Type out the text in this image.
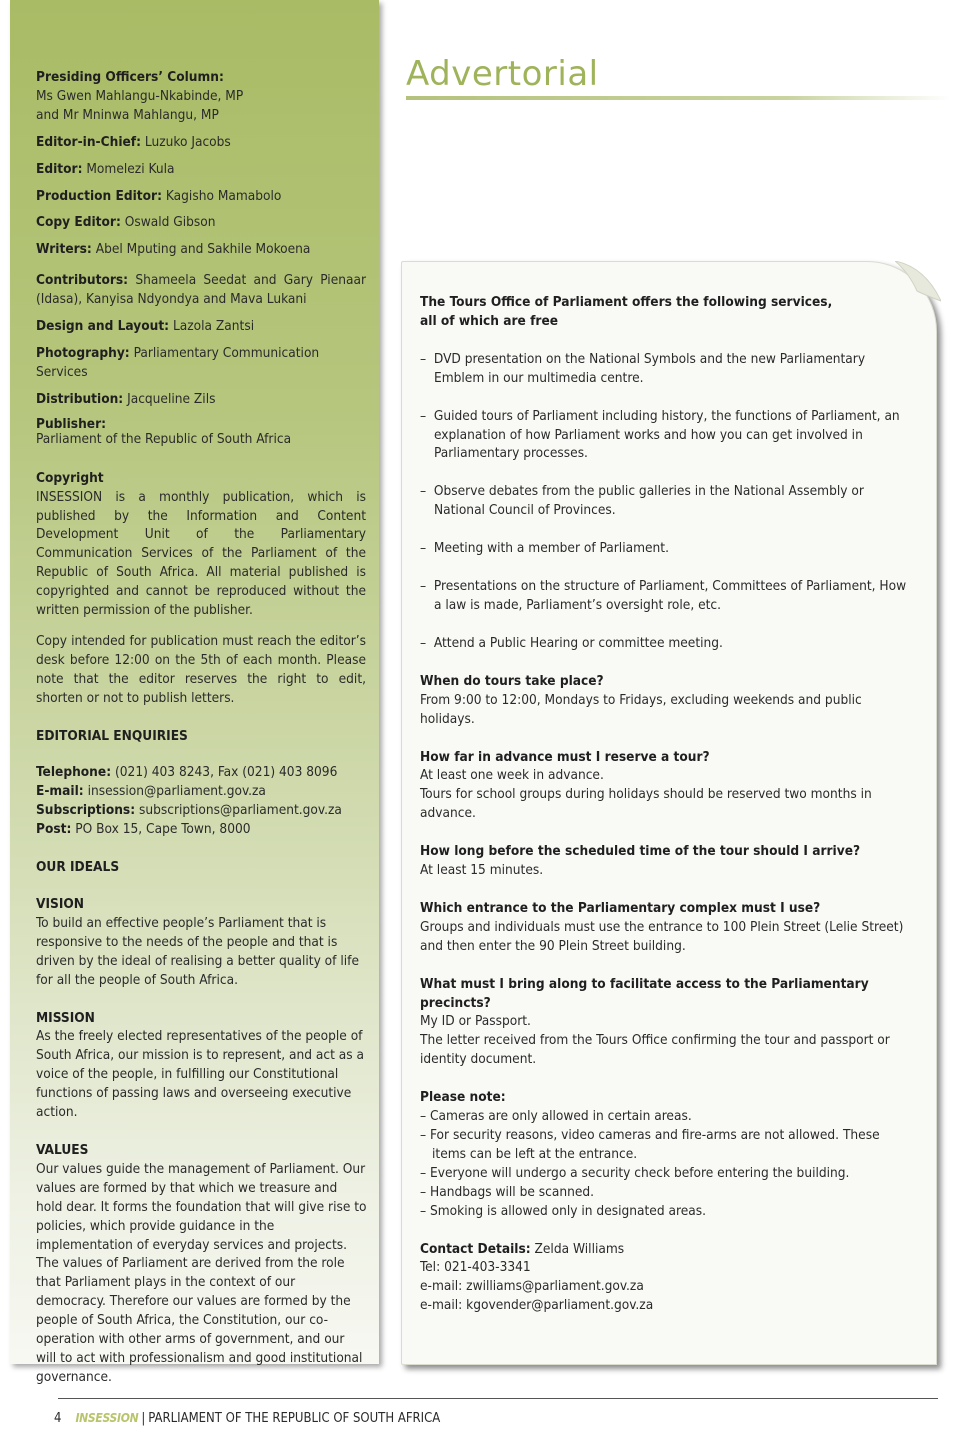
Presiding Officers’ Column:
Ms Gwen Mahlangu-Nkabinde, MP
and Mr Mninwa Mahlangu, MP

Editor-in-Chief: Luzuko Jacobs

Editor: Momelezi Kula

Production Editor: Kagisho Mamabolo

Copy Editor: Oswald Gibson

Writers: Abel Mputing and Sakhile Mokoena

Contributors: Shameela Seedat and Gary Pienaar (Idasa), Kanyisa Ndyondya and Mava Lukani

Design and Layout: Lazola Zantsi

Photography: Parliamentary Communication Services

Distribution: Jacqueline Zils

Publisher:
Parliament of the Republic of South Africa

Copyright

INSESSION is a monthly publication, which is published by the Information and Content Development Unit of the Parliamentary Communication Services of the Parliament of the Republic of South Africa. All material published is copyrighted and cannot be reproduced without the written permission of the publisher.

Copy intended for publication must reach the editor’s desk before 12:00 on the 5th of each month. Please note that the editor reserves the right to edit, shorten or not to publish letters.

EDITORIAL ENQUIRIES

Telephone: (021) 403 8243, Fax (021) 403 8096

E-mail: insession@parliament.gov.za

Subscriptions: subscriptions@parliament.gov.za

Post: PO Box 15, Cape Town, 8000

OUR IDEALS

VISION

To build an effective people’s Parliament that is responsive to the needs of the people and that is driven by the ideal of realising a better quality of life for all the people of South Africa.

MISSION

As the freely elected representatives of the people of South Africa, our mission is to represent, and act as a voice of the people, in fulfilling our Constitutional functions of passing laws and overseeing executive action.

VALUES

Our values guide the management of Parliament. Our values are formed by that which we treasure and hold dear. It forms the foundation that will give rise to policies, which provide guidance in the implementation of everyday services and projects. The values of Parliament are derived from the role that Parliament plays in the context of our democracy. Therefore our values are formed by the people of South Africa, the Constitution, our co-operation with other arms of government, and our will to act with professionalism and good institutional governance.

Advertorial

The Tours Office of Parliament offers the following services,
all of which are free

–  DVD presentation on the National Symbols and the new Parliamentary Emblem in our multimedia centre.

–  Guided tours of Parliament including history, the functions of Parliament, an explanation of how Parliament works and how you can get involved in Parliamentary processes.

–  Observe debates from the public galleries in the National Assembly or National Council of Provinces.

–  Meeting with a member of Parliament.

–  Presentations on the structure of Parliament, Committees of Parliament, How a law is made, Parliament’s oversight role, etc.

–  Attend a Public Hearing or committee meeting.

When do tours take place?

From 9:00 to 12:00, Mondays to Fridays, excluding weekends and public holidays.

How far in advance must I reserve a tour?

At least one week in advance.

Tours for school groups during holidays should be reserved two months in advance.

How long before the scheduled time of the tour should I arrive?

At least 15 minutes.

Which entrance to the Parliamentary complex must I use?

Groups and individuals must use the entrance to 100 Plein Street (Lelie Street) and then enter the 90 Plein Street building.

What must I bring along to facilitate access to the Parliamentary precincts?

My ID or Passport.

The letter received from the Tours Office confirming the tour and passport or identity document.

Please note:

– Cameras are only allowed in certain areas.

– For security reasons, video cameras and fire-arms are not allowed. These items can be left at the entrance.

– Everyone will undergo a security check before entering the building.

– Handbags will be scanned.

– Smoking is allowed only in designated areas.

Contact Details: Zelda Williams

Tel: 021-403-3341

e-mail: zwilliams@parliament.gov.za

e-mail: kgovender@parliament.gov.za

4 INSESSION | PARLIAMENT OF THE REPUBLIC OF SOUTH AFRICA
